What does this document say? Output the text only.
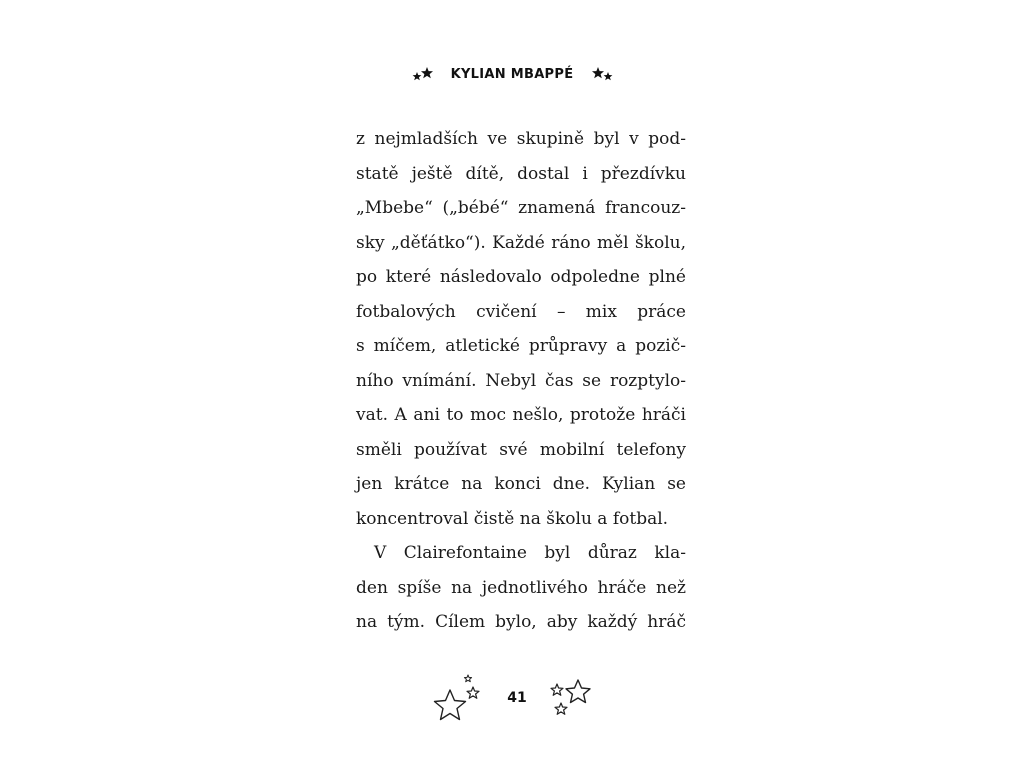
KYLIAN MBAPPÉ
z nejmladších ve skupině byl v pod-
statě ještě dítě, dostal i přezdívku
„Mbebe“ („bébé“ znamená francouz-
sky „děťátko“). Každé ráno měl školu,
po které následovalo odpoledne plné
fotbalových cvičení – mix práce
s míčem, atletické průpravy a pozič-
ního vnímání. Nebyl čas se rozptylo-
vat. A ani to moc nešlo, protože hráči
směli používat své mobilní telefony
jen krátce na konci dne. Kylian se
koncentroval čistě na školu a fotbal.
V Clairefontaine byl důraz kla-
den spíše na jednotlivého hráče než
na tým. Cílem bylo, aby každý hráč
41
